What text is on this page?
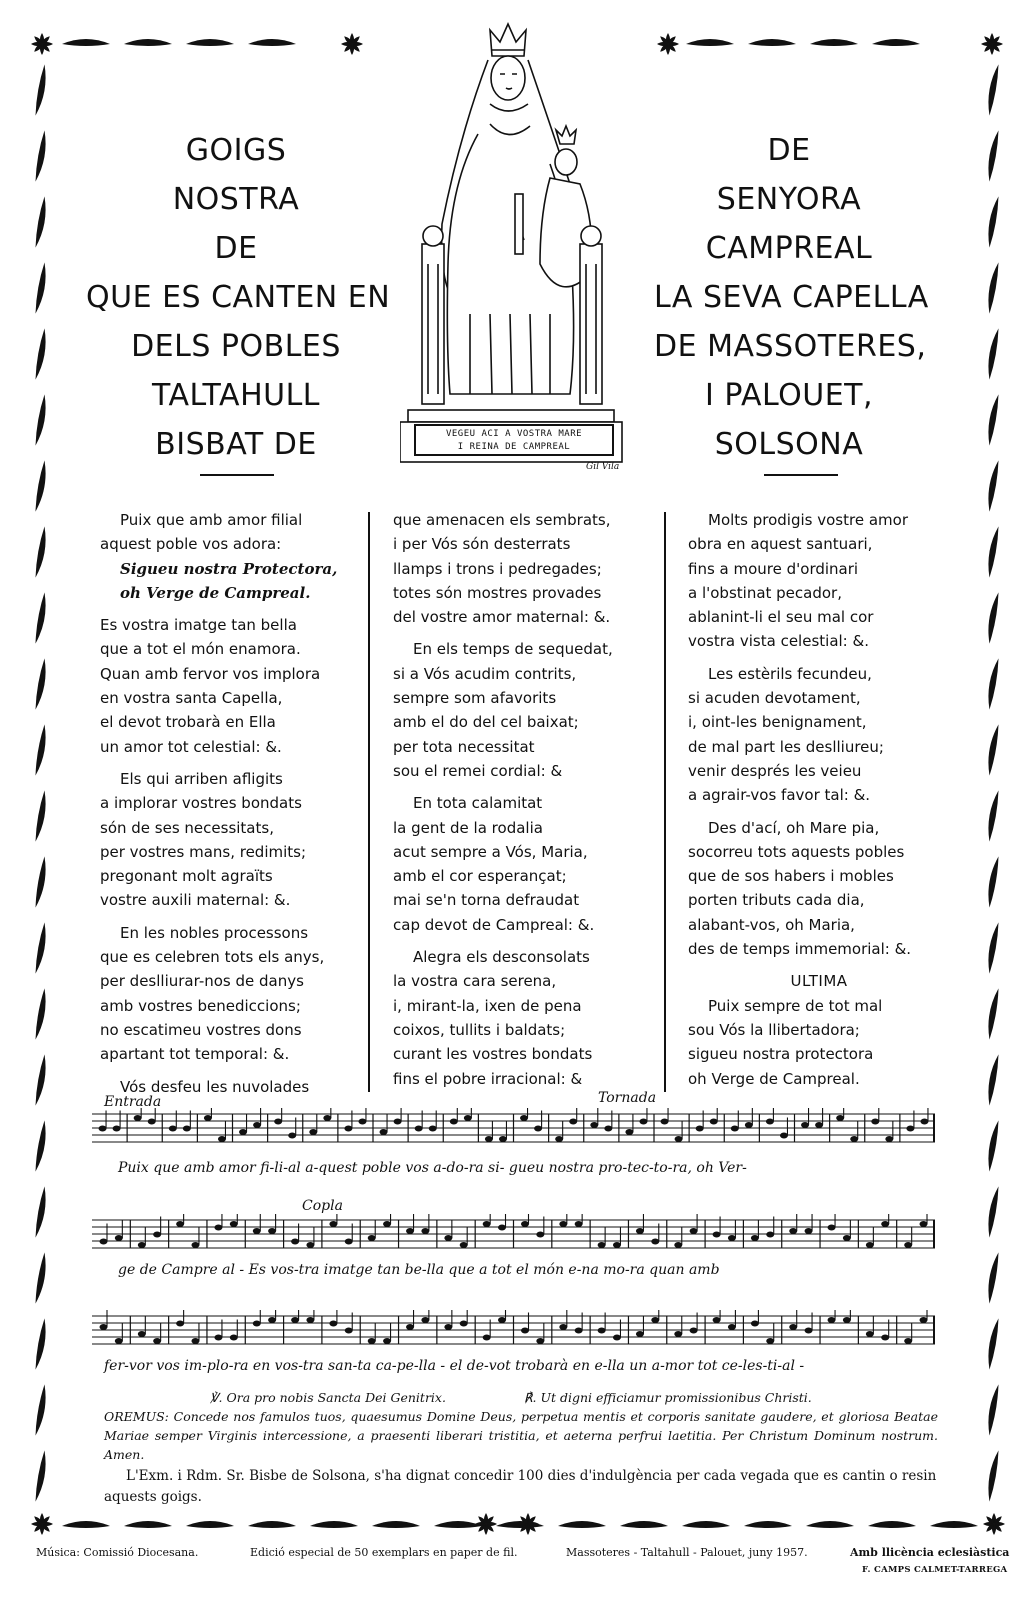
GOIGS
NOSTRA
DE
QUE ES CANTEN EN
DELS POBLES
TALTAHULL
BISBAT DE
DE
SENYORA
CAMPREAL
LA SEVA CAPELLA
DE MASSOTERES,
I PALOUET,
SOLSONA
VEGEU ACI A VOSTRA MARE
I REINA DE CAMPREAL
Gil Vila
Puix que amb amor filial
aquest poble vos adora:
Sigueu nostra Protectora,
oh Verge de Campreal.
Es vostra imatge tan bella
que a tot el món enamora.
Quan amb fervor vos implora
en vostra santa Capella,
el devot trobarà en Ella
un amor tot celestial: &.
Els qui arriben afligits
a implorar vostres bondats
són de ses necessitats,
per vostres mans, redimits;
pregonant molt agraïts
vostre auxili maternal: &.
En les nobles processons
que es celebren tots els anys,
per deslliurar-nos de danys
amb vostres benediccions;
no escatimeu vostres dons
apartant tot temporal: &.
Vós desfeu les nuvolades
que amenacen els sembrats,
i per Vós són desterrats
llamps i trons i pedregades;
totes són mostres provades
del vostre amor maternal: &.
En els temps de sequedat,
si a Vós acudim contrits,
sempre som afavorits
amb el do del cel baixat;
per tota necessitat
sou el remei cordial: &
En tota calamitat
la gent de la rodalia
acut sempre a Vós, Maria,
amb el cor esperançat;
mai se'n torna defraudat
cap devot de Campreal: &.
Alegra els desconsolats
la vostra cara serena,
i, mirant-la, ixen de pena
coixos, tullits i baldats;
curant les vostres bondats
fins el pobre irracional: &
Molts prodigis vostre amor
obra en aquest santuari,
fins a moure d'ordinari
a l'obstinat pecador,
ablanint-li el seu mal cor
vostra vista celestial: &.
Les estèrils fecundeu,
si acuden devotament,
i, oint-les benignament,
de mal part les deslliureu;
venir després les veieu
a agrair-vos favor tal: &.
Des d'ací, oh Mare pia,
socorreu tots aquests pobles
que de sos habers i mobles
porten tributs cada dia,
alabant-vos, oh Maria,
des de temps immemorial: &.
ULTIMA
Puix sempre de tot mal
sou Vós la llibertadora;
sigueu nostra protectora
oh Verge de Campreal.
Entrada	Tornada
Copla
Puix que amb amor fi-li-al a-quest poble vos a-do-ra si- gueu nostra pro-tec-to-ra, oh Ver-
ge de Campre al - Es vos-tra imatge tan be-lla que a tot el món e-na mo-ra quan amb
fer-vor vos im-plo-ra en vos-tra san-ta ca-pe-lla - el de-vot trobarà en e-lla un a-mor tot ce-les-ti-al -
℣. Ora pro nobis Sancta Dei Genitrix.	℟. Ut digni efficiamur promissionibus Christi.
OREMUS: Concede nos famulos tuos, quaesumus Domine Deus, perpetua mentis et corporis sanitate gaudere, et gloriosa Beatae Mariae semper Virginis intercessione, a praesenti liberari tristitia, et aeterna perfrui laetitia. Per Christum Dominum nostrum. Amen.
L'Exm. i Rdm. Sr. Bisbe de Solsona, s'ha dignat concedir 100 dies d'indulgència per cada vegada que es cantin o resin aquests goigs.
Música: Comissió Diocesana.	Edició especial de 50 exemplars en paper de fil.	Massoteres - Taltahull - Palouet, juny 1957.	Amb llicència eclesiàstica
F. CAMPS CALMET-TARREGA
